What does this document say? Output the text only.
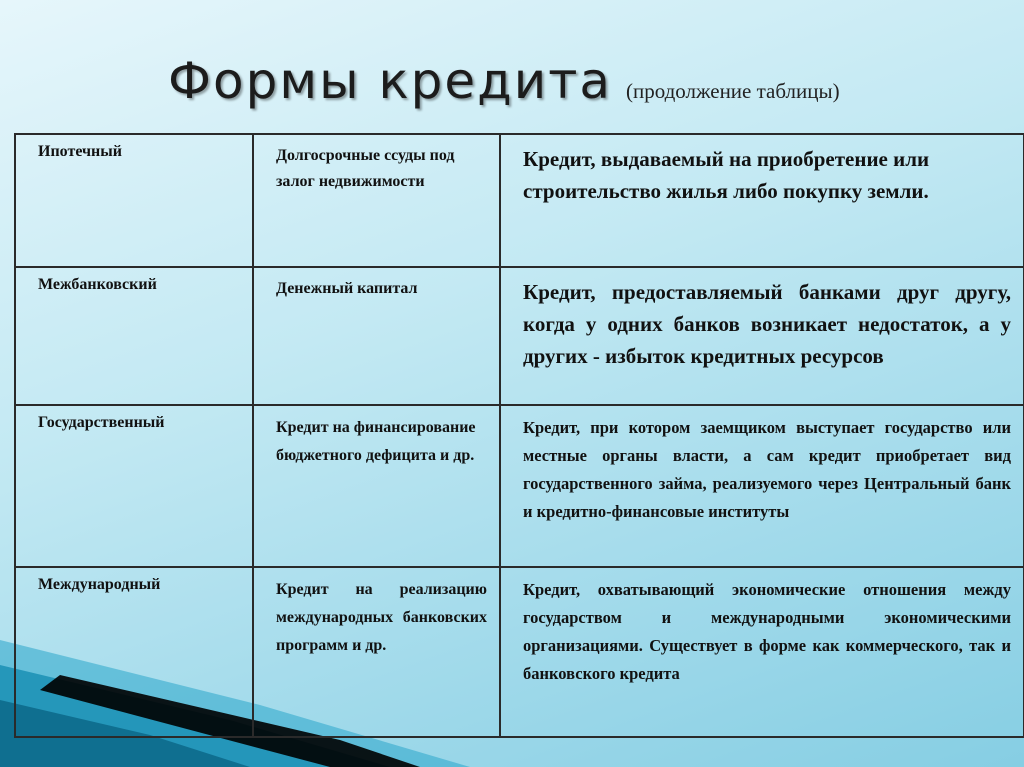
Формы кредита (продолжение таблицы)
Ипотечный	Долгосрочные ссуды под залог недвижимости	Кредит, выдаваемый на приобретение или строительство жилья либо покупку земли.
Межбанковский	Денежный капитал	Кредит, предоставляемый банками друг другу, когда у одних банков возникает недостаток, а у других - избыток кредитных ресурсов
Государственный	Кредит на финансирование бюджетного дефицита и др.	Кредит, при котором заемщиком выступает государство или местные органы власти, а сам кредит приобретает вид государственного займа, реализуемого через Центральный банк и кредитно-финансовые институты
Международный	Кредит на реализацию международных банковских программ и др.	Кредит, охватывающий экономические отношения между государством и международными экономическими организациями. Существует в форме как коммерческого, так и банковского кредита
